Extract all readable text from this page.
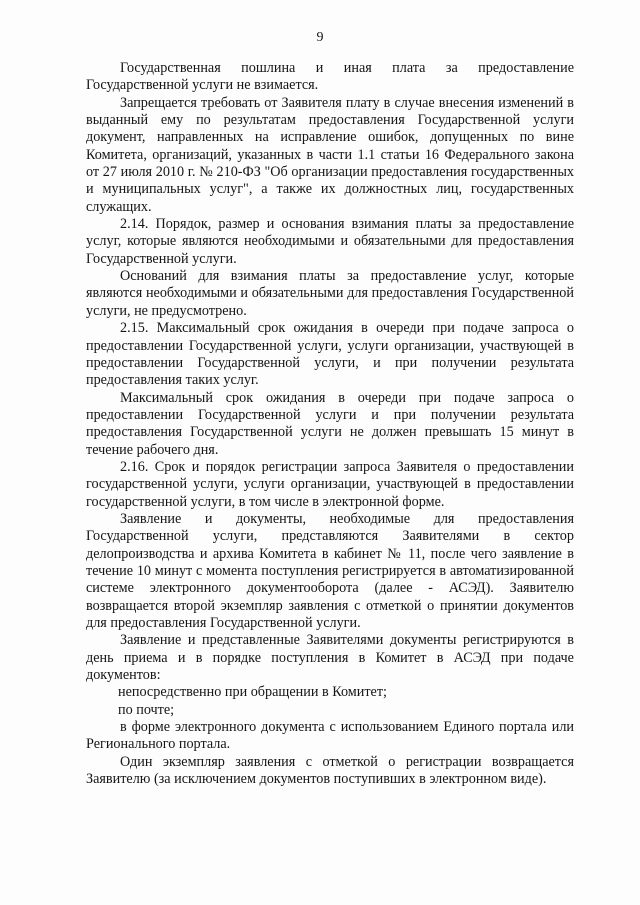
9

Государственная пошлина и иная плата за предоставление Государственной услуги не взимается.

Запрещается требовать от Заявителя плату в случае внесения изменений в выданный ему по результатам предоставления Государственной услуги документ, направленных на исправление ошибок, допущенных по вине Комитета, организаций, указанных в части 1.1 статьи 16 Федерального закона от 27 июля 2010 г. № 210-ФЗ "Об организации предоставления государственных и муниципальных услуг", а также их должностных лиц, государственных служащих.

2.14. Порядок, размер и основания взимания платы за предоставление услуг, которые являются необходимыми и обязательными для предоставления Государственной услуги.

Оснований для взимания платы за предоставление услуг, которые являются необходимыми и обязательными для предоставления Государственной услуги, не предусмотрено.

2.15. Максимальный срок ожидания в очереди при подаче запроса о предоставлении Государственной услуги, услуги организации, участвующей в предоставлении Государственной услуги, и при получении результата предоставления таких услуг.

Максимальный срок ожидания в очереди при подаче запроса о предоставлении Государственной услуги и при получении результата предоставления Государственной услуги не должен превышать 15 минут в течение рабочего дня.

2.16. Срок и порядок регистрации запроса Заявителя о предоставлении государственной услуги, услуги организации, участвующей в предоставлении государственной услуги, в том числе в электронной форме.

Заявление и документы, необходимые для предоставления Государственной услуги, представляются Заявителями в сектор делопроизводства и архива Комитета в кабинет № 11, после чего заявление в течение 10 минут с момента поступления регистрируется в автоматизированной системе электронного документооборота (далее - АСЭД). Заявителю возвращается второй экземпляр заявления с отметкой о принятии документов для предоставления Государственной услуги.

Заявление и представленные Заявителями документы регистрируются в день приема и в порядке поступления в Комитет в АСЭД при подаче документов:

непосредственно при обращении в Комитет;

по почте;

в форме электронного документа с использованием Единого портала или Регионального портала.

Один экземпляр заявления с отметкой о регистрации возвращается Заявителю (за исключением документов поступивших в электронном виде).
